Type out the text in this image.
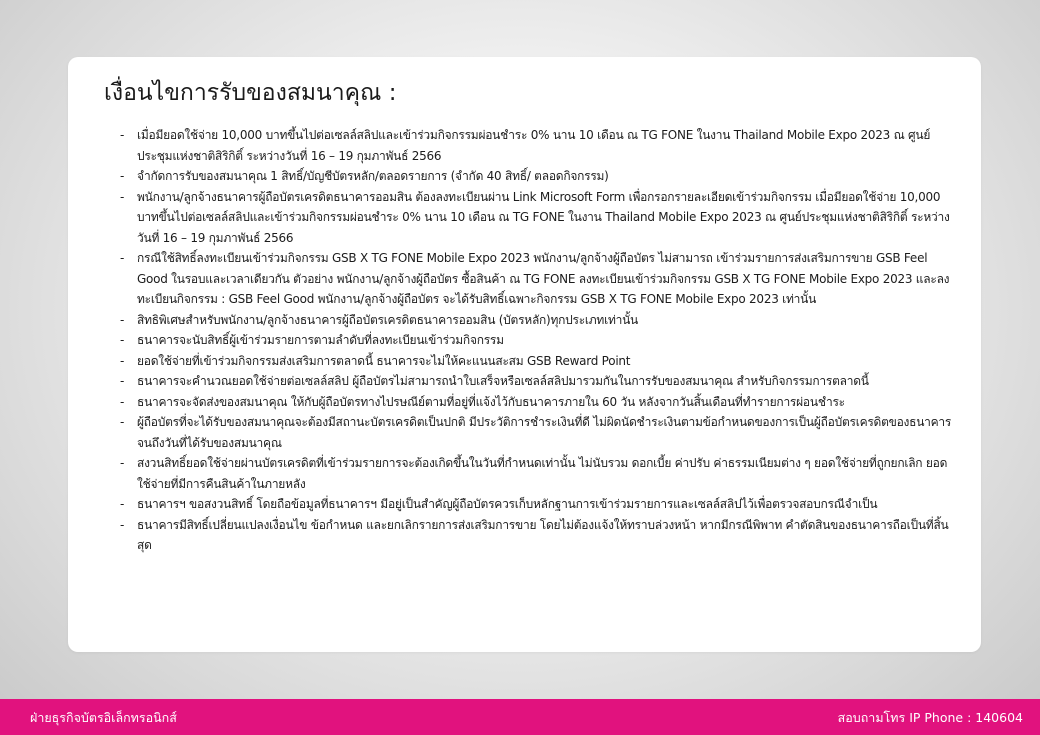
เงื่อนไขการรับของสมนาคุณ :
- เมื่อมียอดใช้จ่าย 10,000 บาทขึ้นไปต่อเซลล์สลิปและเข้าร่วมกิจกรรมผ่อนชำระ 0% นาน 10 เดือน ณ TG FONE ในงาน Thailand Mobile Expo 2023 ณ ศูนย์ประชุมแห่งชาติสิริกิติ์ ระหว่างวันที่ 16 – 19 กุมภาพันธ์ 2566
- จำกัดการรับของสมนาคุณ 1 สิทธิ์/บัญชีบัตรหลัก/ตลอดรายการ (จำกัด 40 สิทธิ์/ ตลอดกิจกรรม)
- พนักงาน/ลูกจ้างธนาคารผู้ถือบัตรเครดิตธนาคารออมสิน ต้องลงทะเบียนผ่าน Link Microsoft Form เพื่อกรอกรายละเอียดเข้าร่วมกิจกรรม เมื่อมียอดใช้จ่าย 10,000 บาทขึ้นไปต่อเซลล์สลิปและเข้าร่วมกิจกรรมผ่อนชำระ 0% นาน 10 เดือน ณ TG FONE ในงาน Thailand Mobile Expo 2023 ณ ศูนย์ประชุมแห่งชาติสิริกิติ์ ระหว่างวันที่ 16 – 19 กุมภาพันธ์ 2566
- กรณีใช้สิทธิ์ลงทะเบียนเข้าร่วมกิจกรรม GSB X TG FONE Mobile Expo 2023 พนักงาน/ลูกจ้างผู้ถือบัตร ไม่สามารถ เข้าร่วมรายการส่งเสริมการขาย GSB Feel Good ในรอบและเวลาเดียวกัน ตัวอย่าง พนักงาน/ลูกจ้างผู้ถือบัตร ซื้อสินค้า ณ TG FONE ลงทะเบียนเข้าร่วมกิจกรรม GSB X TG FONE Mobile Expo 2023 และลงทะเบียนกิจกรรม : GSB Feel Good พนักงาน/ลูกจ้างผู้ถือบัตร จะได้รับสิทธิ์เฉพาะกิจกรรม GSB X TG FONE Mobile Expo 2023 เท่านั้น
- สิทธิพิเศษสำหรับพนักงาน/ลูกจ้างธนาคารผู้ถือบัตรเครดิตธนาคารออมสิน (บัตรหลัก)ทุกประเภทเท่านั้น
- ธนาคารจะนับสิทธิ์ผู้เข้าร่วมรายการตามลำดับที่ลงทะเบียนเข้าร่วมกิจกรรม
- ยอดใช้จ่ายที่เข้าร่วมกิจกรรมส่งเสริมการตลาดนี้ ธนาคารจะไม่ให้คะแนนสะสม GSB Reward Point
- ธนาคารจะคำนวณยอดใช้จ่ายต่อเซลล์สลิป ผู้ถือบัตรไม่สามารถนำใบเสร็จหรือเซลล์สลิปมารวมกันในการรับของสมนาคุณ สำหรับกิจกรรมการตลาดนี้
- ธนาคารจะจัดส่งของสมนาคุณ ให้กับผู้ถือบัตรทางไปรษณีย์ตามที่อยู่ที่แจ้งไว้กับธนาคารภายใน 60 วัน หลังจากวันสิ้นเดือนที่ทำรายการผ่อนชำระ
- ผู้ถือบัตรที่จะได้รับของสมนาคุณจะต้องมีสถานะบัตรเครดิตเป็นปกติ มีประวัติการชำระเงินที่ดี ไม่ผิดนัดชำระเงินตามข้อกำหนดของการเป็นผู้ถือบัตรเครดิตของธนาคารจนถึงวันที่ได้รับของสมนาคุณ
- สงวนสิทธิ์ยอดใช้จ่ายผ่านบัตรเครดิตที่เข้าร่วมรายการจะต้องเกิดขึ้นในวันที่กำหนดเท่านั้น ไม่นับรวม ดอกเบี้ย ค่าปรับ ค่าธรรมเนียมต่าง ๆ ยอดใช้จ่ายที่ถูกยกเลิก ยอดใช้จ่ายที่มีการคืนสินค้าในภายหลัง
- ธนาคารฯ ขอสงวนสิทธิ์ โดยถือข้อมูลที่ธนาคารฯ มีอยู่เป็นสำคัญผู้ถือบัตรควรเก็บหลักฐานการเข้าร่วมรายการและเซลล์สลิปไว้เพื่อตรวจสอบกรณีจำเป็น
- ธนาคารมีสิทธิ์เปลี่ยนแปลงเงื่อนไข ข้อกำหนด และยกเลิกรายการส่งเสริมการขาย โดยไม่ต้องแจ้งให้ทราบล่วงหน้า หากมีกรณีพิพาท คำตัดสินของธนาคารถือเป็นที่สิ้นสุด
ฝ่ายธุรกิจบัตรอิเล็กทรอนิกส์	สอบถามโทร IP Phone : 140604
